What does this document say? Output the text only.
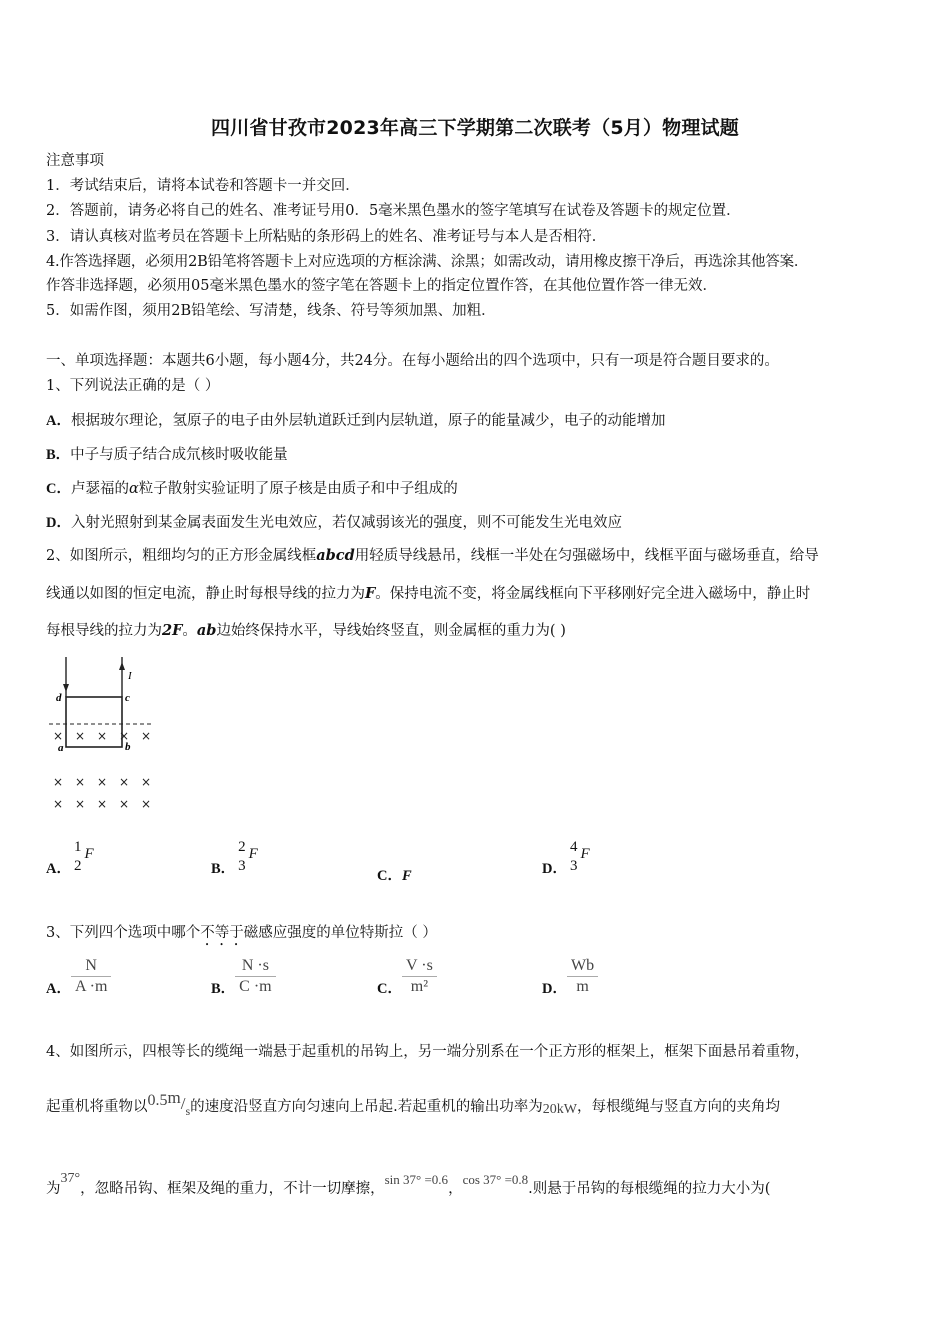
四川省甘孜市2023年高三下学期第二次联考（5月）物理试题
注意事项
1．考试结束后，请将本试卷和答题卡一并交回．
2．答题前，请务必将自己的姓名、准考证号用0．5毫米黑色墨水的签字笔填写在试卷及答题卡的规定位置．
3．请认真核对监考员在答题卡上所粘贴的条形码上的姓名、准考证号与本人是否相符．
4.作答选择题，必须用2B铅笔将答题卡上对应选项的方框涂满、涂黑；如需改动，请用橡皮擦干净后，再选涂其他答案．
作答非选择题，必须用05毫米黑色墨水的签字笔在答题卡上的指定位置作答，在其他位置作答一律无效．
5．如需作图，须用2B铅笔绘、写清楚，线条、符号等须加黑、加粗．
一、单项选择题：本题共6小题，每小题4分，共24分。在每小题给出的四个选项中，只有一项是符合题目要求的。
1、下列说法正确的是（ ）
A．根据玻尔理论，氢原子的电子由外层轨道跃迁到内层轨道，原子的能量减少，电子的动能增加
B．中子与质子结合成氘核时吸收能量
C．卢瑟福的α粒子散射实验证明了原子核是由质子和中子组成的
D．入射光照射到某金属表面发生光电效应，若仅减弱该光的强度，则不可能发生光电效应
2、如图所示，粗细均匀的正方形金属线框abcd用轻质导线悬吊，线框一半处在匀强磁场中，线框平面与磁场垂直，给导
线通以如图的恒定电流，静止时每根导线的拉力为F。保持电流不变，将金属线框向下平移刚好完全进入磁场中，静止时
每根导线的拉力为2F。ab边始终保持水平，导线始终竖直，则金属框的重力为( )
I
d	c
a	b
× × × × ×
× × × × ×
× × × × ×
A．
1
2
F
B．
2
3
F
C．F	D．
4
3
F
3、下列四个选项中哪个不等于磁感应强度的单位特斯拉（ ）
A． $\frac{N}{A \cdot m}$	B． $\frac{N \cdot s}{C \cdot m}$	C． $\frac{V \cdot s}{\text{m²}}$	D． $\frac{Wb}{m}$
4、如图所示，四根等长的缆绳一端悬于起重机的吊钩上，另一端分别系在一个正方形的框架上，框架下面悬吊着重物，
起重机将重物以$0.5m/_s$的速度沿竖直方向匀速向上吊起.若起重机的输出功率为20kW，每根缆绳与竖直方向的夹角均
为37°，忽略吊钩、框架及绳的重力，不计一切摩擦，sin 37° =0.6，cos 37° =0.8.则悬于吊钩的每根缆绳的拉力大小为(
